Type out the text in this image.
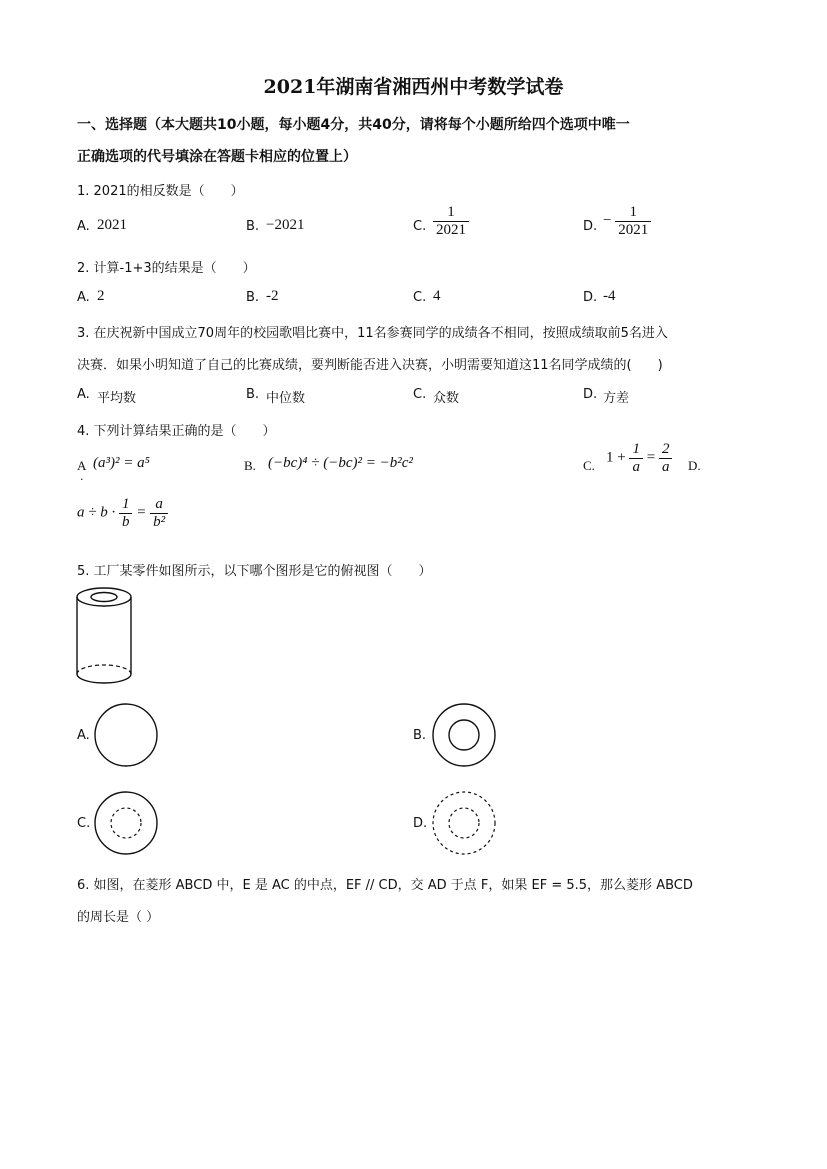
2021年湖南省湘西州中考数学试卷
一、选择题（本大题共10小题，每小题4分，共40分，请将每个小题所给四个选项中唯一
正确选项的代号填涂在答题卡相应的位置上）
1. 2021的相反数是（　　）
A. 2021	B. −2021	C. $\frac{1}{2021}$	D. − $\frac{1}{2021}$
2. 计算-1+3的结果是（　　）
A. 2	B. -2	C. 4	D. -4
3. 在庆祝新中国成立70周年的校园歌唱比赛中，11名参赛同学的成绩各不相同，按照成绩取前5名进入
决赛．如果小明知道了自己的比赛成绩，要判断能否进入决赛，小明需要知道这11名同学成绩的(　　)
A. 平均数	B. 中位数	C. 众数	D. 方差
4. 下列计算结果正确的是（　　）
A
.
(a³)² = a⁵	B. (−bc)⁴ ÷ (−bc)² = −b²c²	C. $1 + \frac{1}{a} = \frac{2}{a} D$.
$a \div b \cdot \frac{1}{b} = \frac{a}{\text{b²}}$
5. 工厂某零件如图所示，以下哪个图形是它的俯视图（　　）
A.	B.
C.	D.
6. 如图，在菱形 ABCD 中，E 是 AC 的中点，EF // CD，交 AD 于点 F，如果 EF = 5.5，那么菱形 ABCD
的周长是（ ）
